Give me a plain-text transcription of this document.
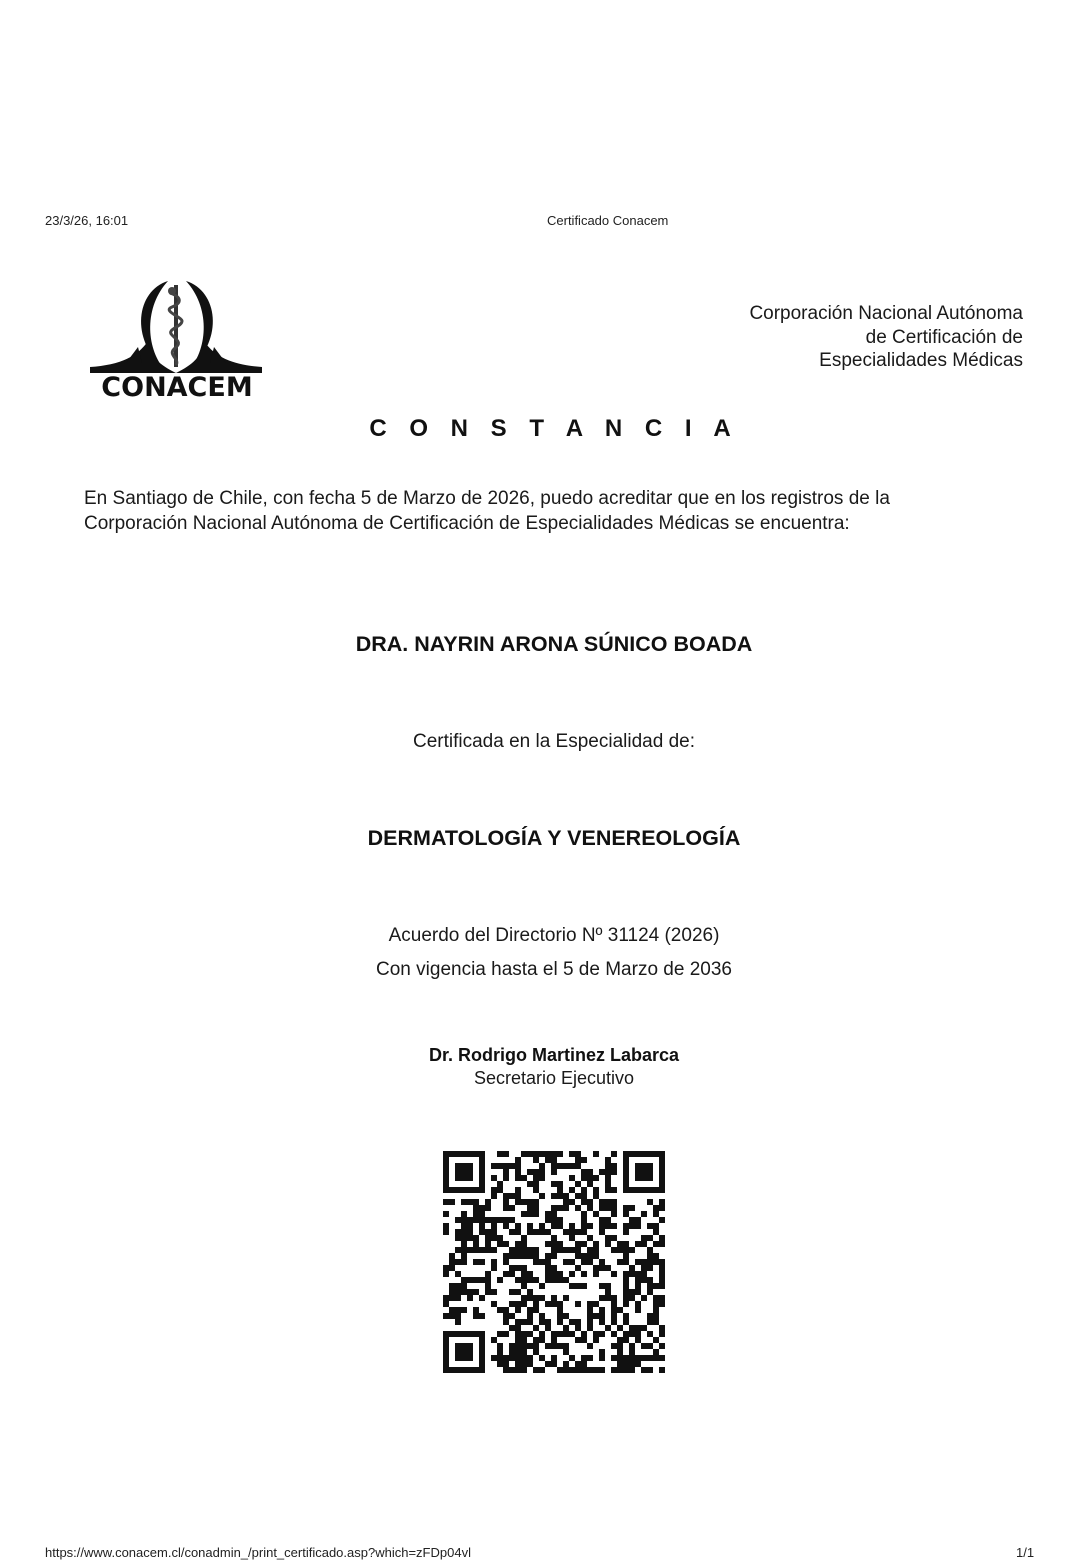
23/3/26, 16:01	Certificado Conacem
CONACEM
Corporación Nacional Autónoma
de Certificación de
Especialidades Médicas
C O N S T A N C I A
En Santiago de Chile, con fecha 5 de Marzo de 2026, puedo acreditar que en los registros de la
Corporación Nacional Autónoma de Certificación de Especialidades Médicas se encuentra:
DRA. NAYRIN ARONA SÚNICO BOADA
Certificada en la Especialidad de:
DERMATOLOGÍA Y VENEREOLOGÍA
Acuerdo del Directorio Nº 31124 (2026)
Con vigencia hasta el 5 de Marzo de 2036
Dr. Rodrigo Martinez Labarca
Secretario Ejecutivo
https://www.conacem.cl/conadmin_/print_certificado.asp?which=zFDp04vl	1/1
